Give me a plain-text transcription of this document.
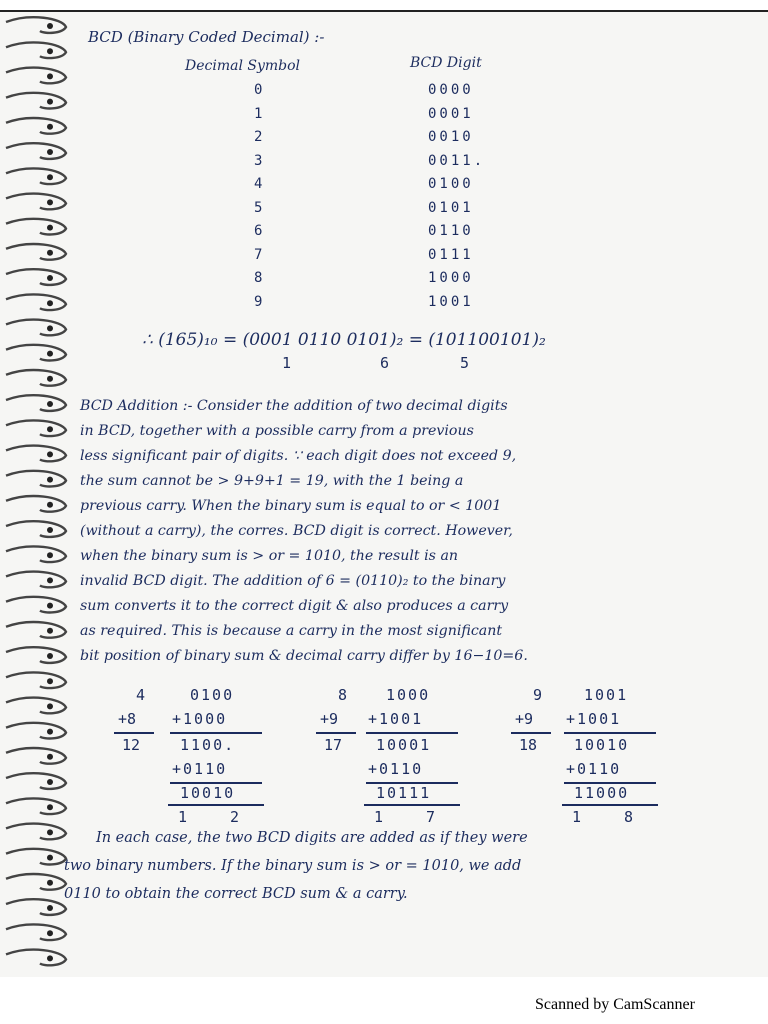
BCD (Binary Coded Decimal) :-
Decimal Symbol	BCD Digit
0	0000
1	0001
2	0010
3	0011.
4	0100
5	0101
6	0110
7	0111
8	1000
9	1001
∴ (165)₁₀ = (0001 0110 0101)₂ = (101100101)₂
1	6	5
BCD Addition :- Consider the addition of two decimal digits
in BCD, together with a possible carry from a previous
less significant pair of digits. ∵ each digit does not exceed 9,
the sum cannot be > 9+9+1 = 19, with the 1 being a
previous carry. When the binary sum is equal to or < 1001
(without a carry), the corres. BCD digit is correct. However,
when the binary sum is > or = 1010, the result is an
invalid BCD digit. The addition of 6 = (0110)₂ to the binary
sum converts it to the correct digit & also produces a carry
as required. This is because a carry in the most significant
bit position of binary sum & decimal carry differ by 16−10=6.
4
+8
12
0100
+1000
1100.
+0110
10010
1	2
8
+9
17
1000
+1001
10001
+0110
10111
1	7
9
+9
18
1001
+1001
10010
+0110
11000
1	8
In each case, the two BCD digits are added as if they were
two binary numbers. If the binary sum is > or = 1010, we add
0110 to obtain the correct BCD sum & a carry.
Scanned by CamScanner
